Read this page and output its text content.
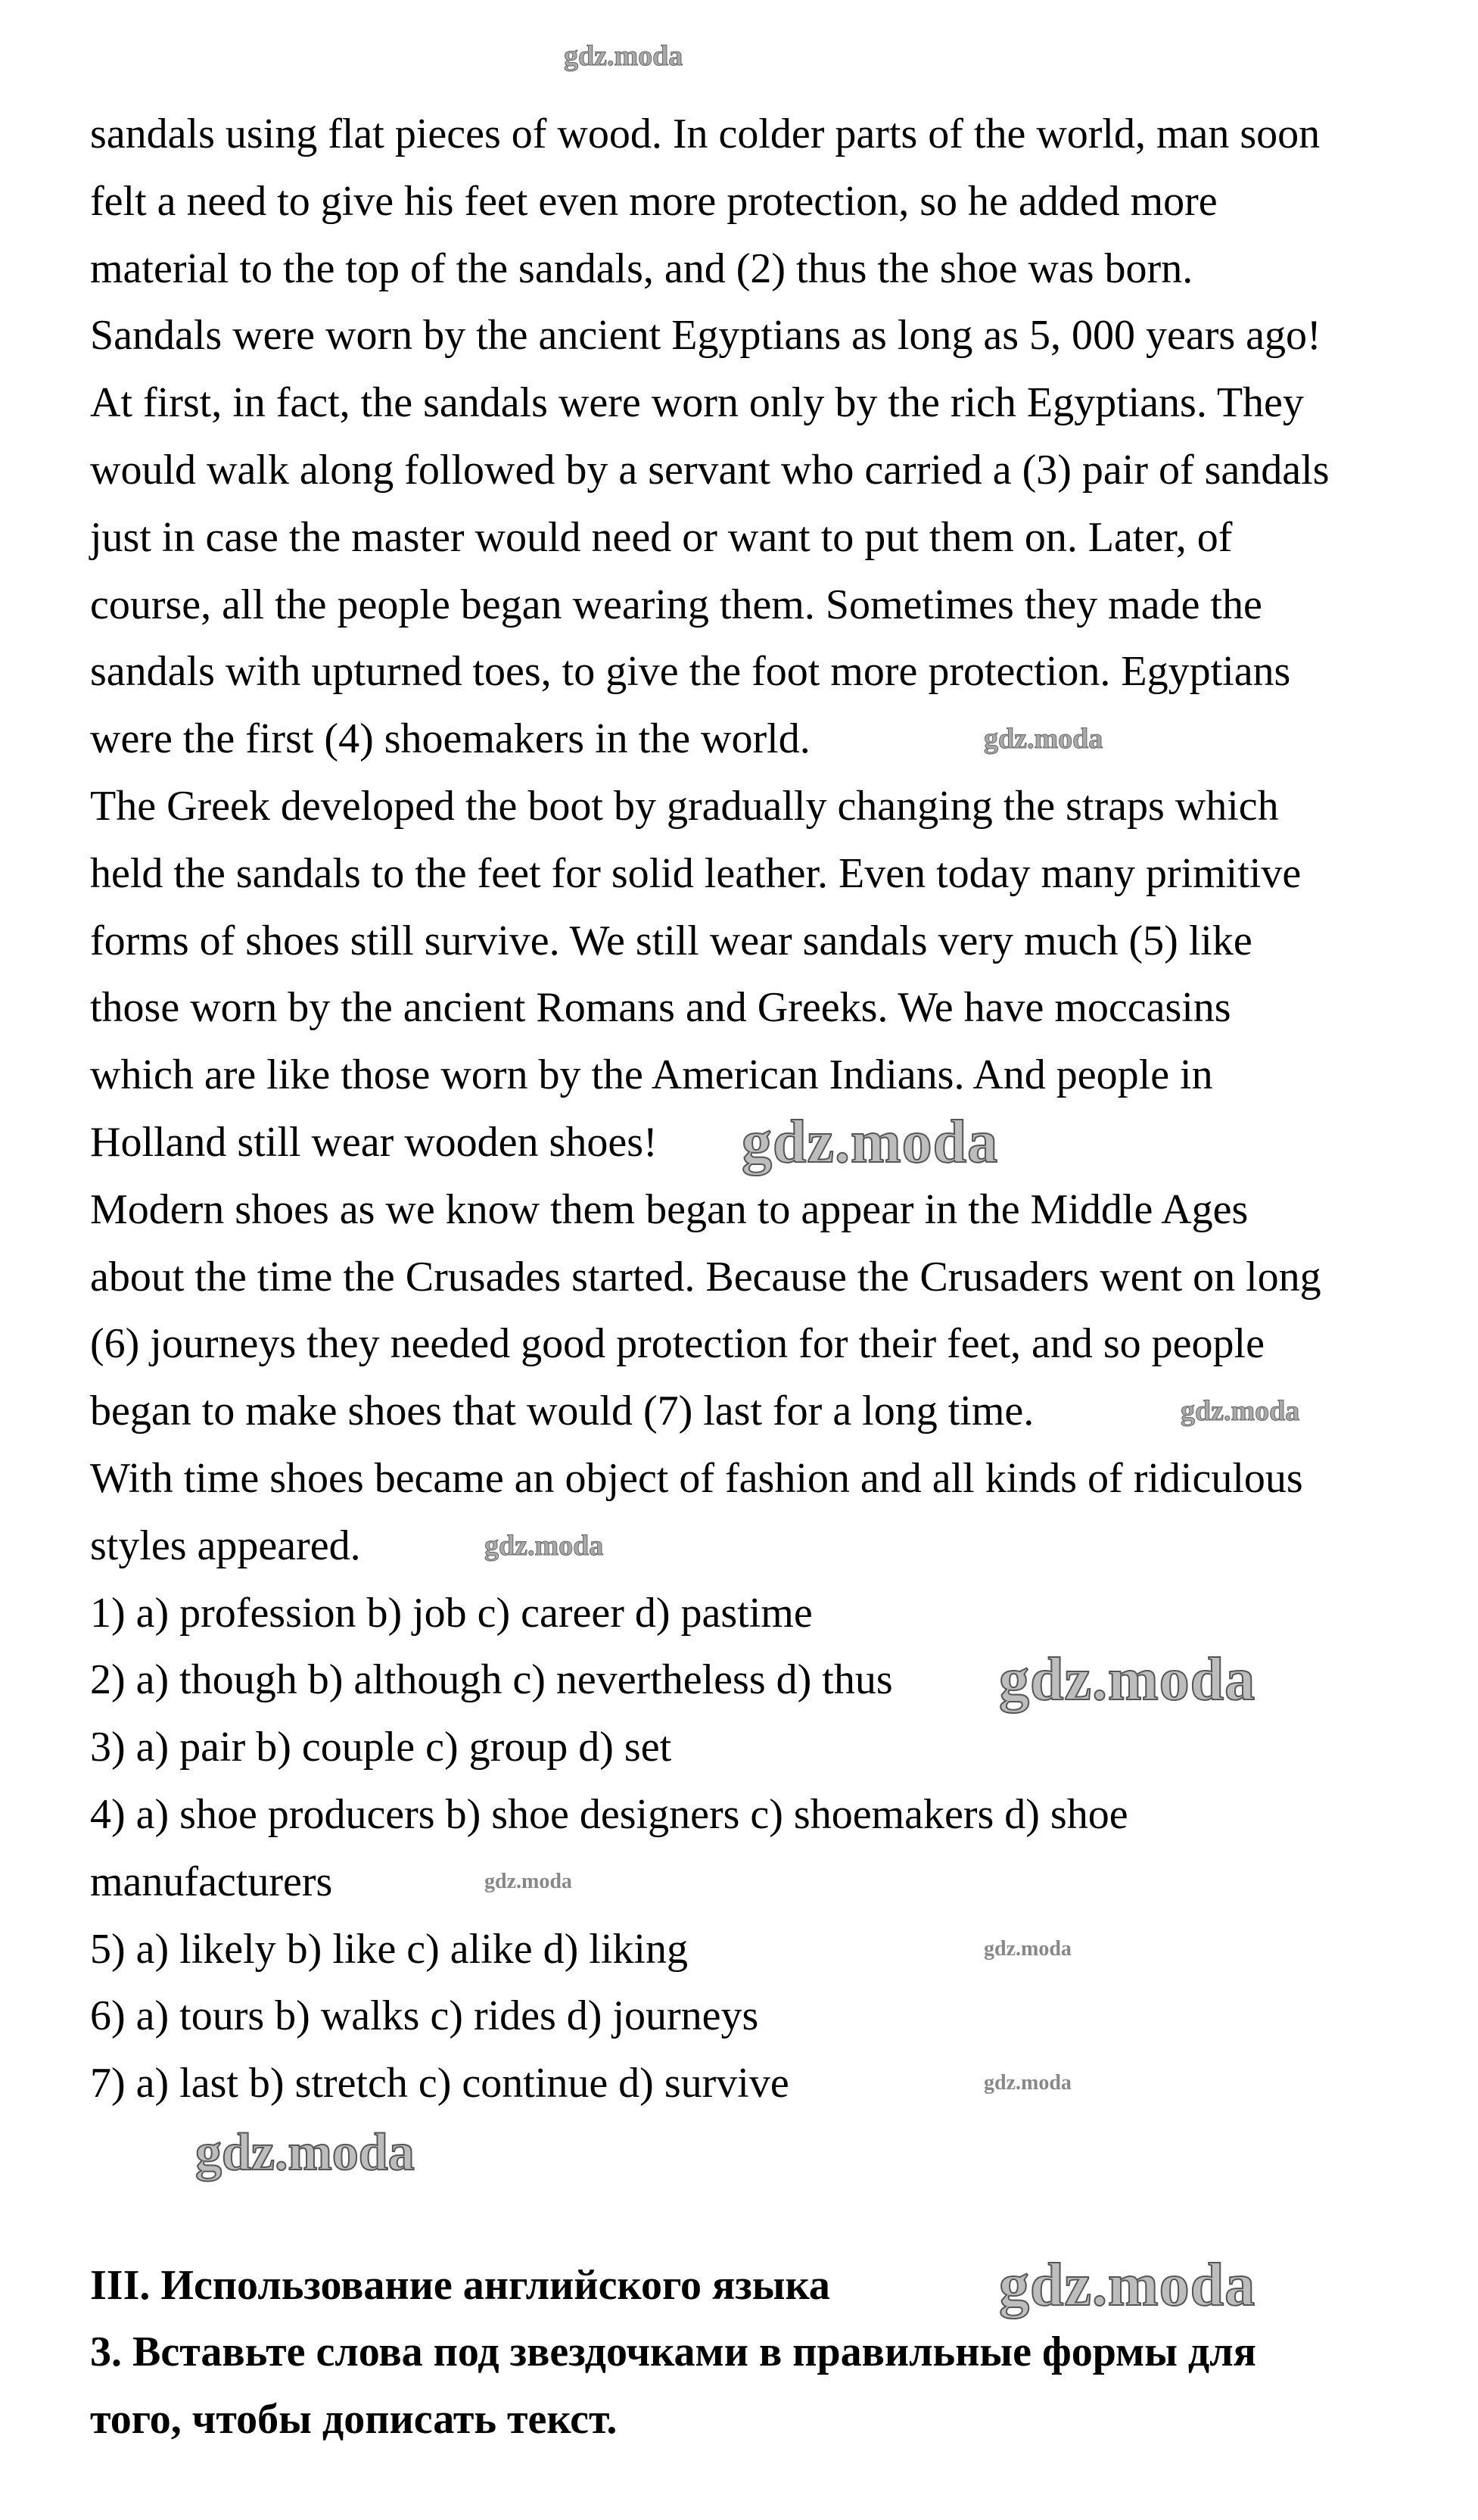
sandals using flat pieces of wood. In colder parts of the world, man soon
felt a need to give his feet even more protection, so he added more
material to the top of the sandals, and (2) thus the shoe was born.
Sandals were worn by the ancient Egyptians as long as 5, 000 years ago!
At first, in fact, the sandals were worn only by the rich Egyptians. They
would walk along followed by a servant who carried a (3) pair of sandals
just in case the master would need or want to put them on. Later, of
course, all the people began wearing them. Sometimes they made the
sandals with upturned toes, to give the foot more protection. Egyptians
were the first (4) shoemakers in the world.
The Greek developed the boot by gradually changing the straps which
held the sandals to the feet for solid leather. Even today many primitive
forms of shoes still survive. We still wear sandals very much (5) like
those worn by the ancient Romans and Greeks. We have moccasins
which are like those worn by the American Indians. And people in
Holland still wear wooden shoes!
Modern shoes as we know them began to appear in the Middle Ages
about the time the Crusades started. Because the Crusaders went on long
(6) journeys they needed good protection for their feet, and so people
began to make shoes that would (7) last for a long time.
With time shoes became an object of fashion and all kinds of ridiculous
styles appeared.
1) a) profession b) job c) career d) pastime
2) a) though b) although c) nevertheless d) thus
3) a) pair b) couple c) group d) set
4) a) shoe producers b) shoe designers c) shoemakers d) shoe
manufacturers
5) a) likely b) like c) alike d) liking
6) a) tours b) walks c) rides d) journeys
7) a) last b) stretch c) continue d) survive
III. Использование английского языка
3. Вставьте слова под звездочками в правильные формы для
того, чтобы дописать текст.
gdz.moda
gdz.moda
gdz.moda
gdz.moda
gdz.moda
gdz.moda
gdz.moda
gdz.moda
gdz.moda
gdz.moda
gdz.moda
